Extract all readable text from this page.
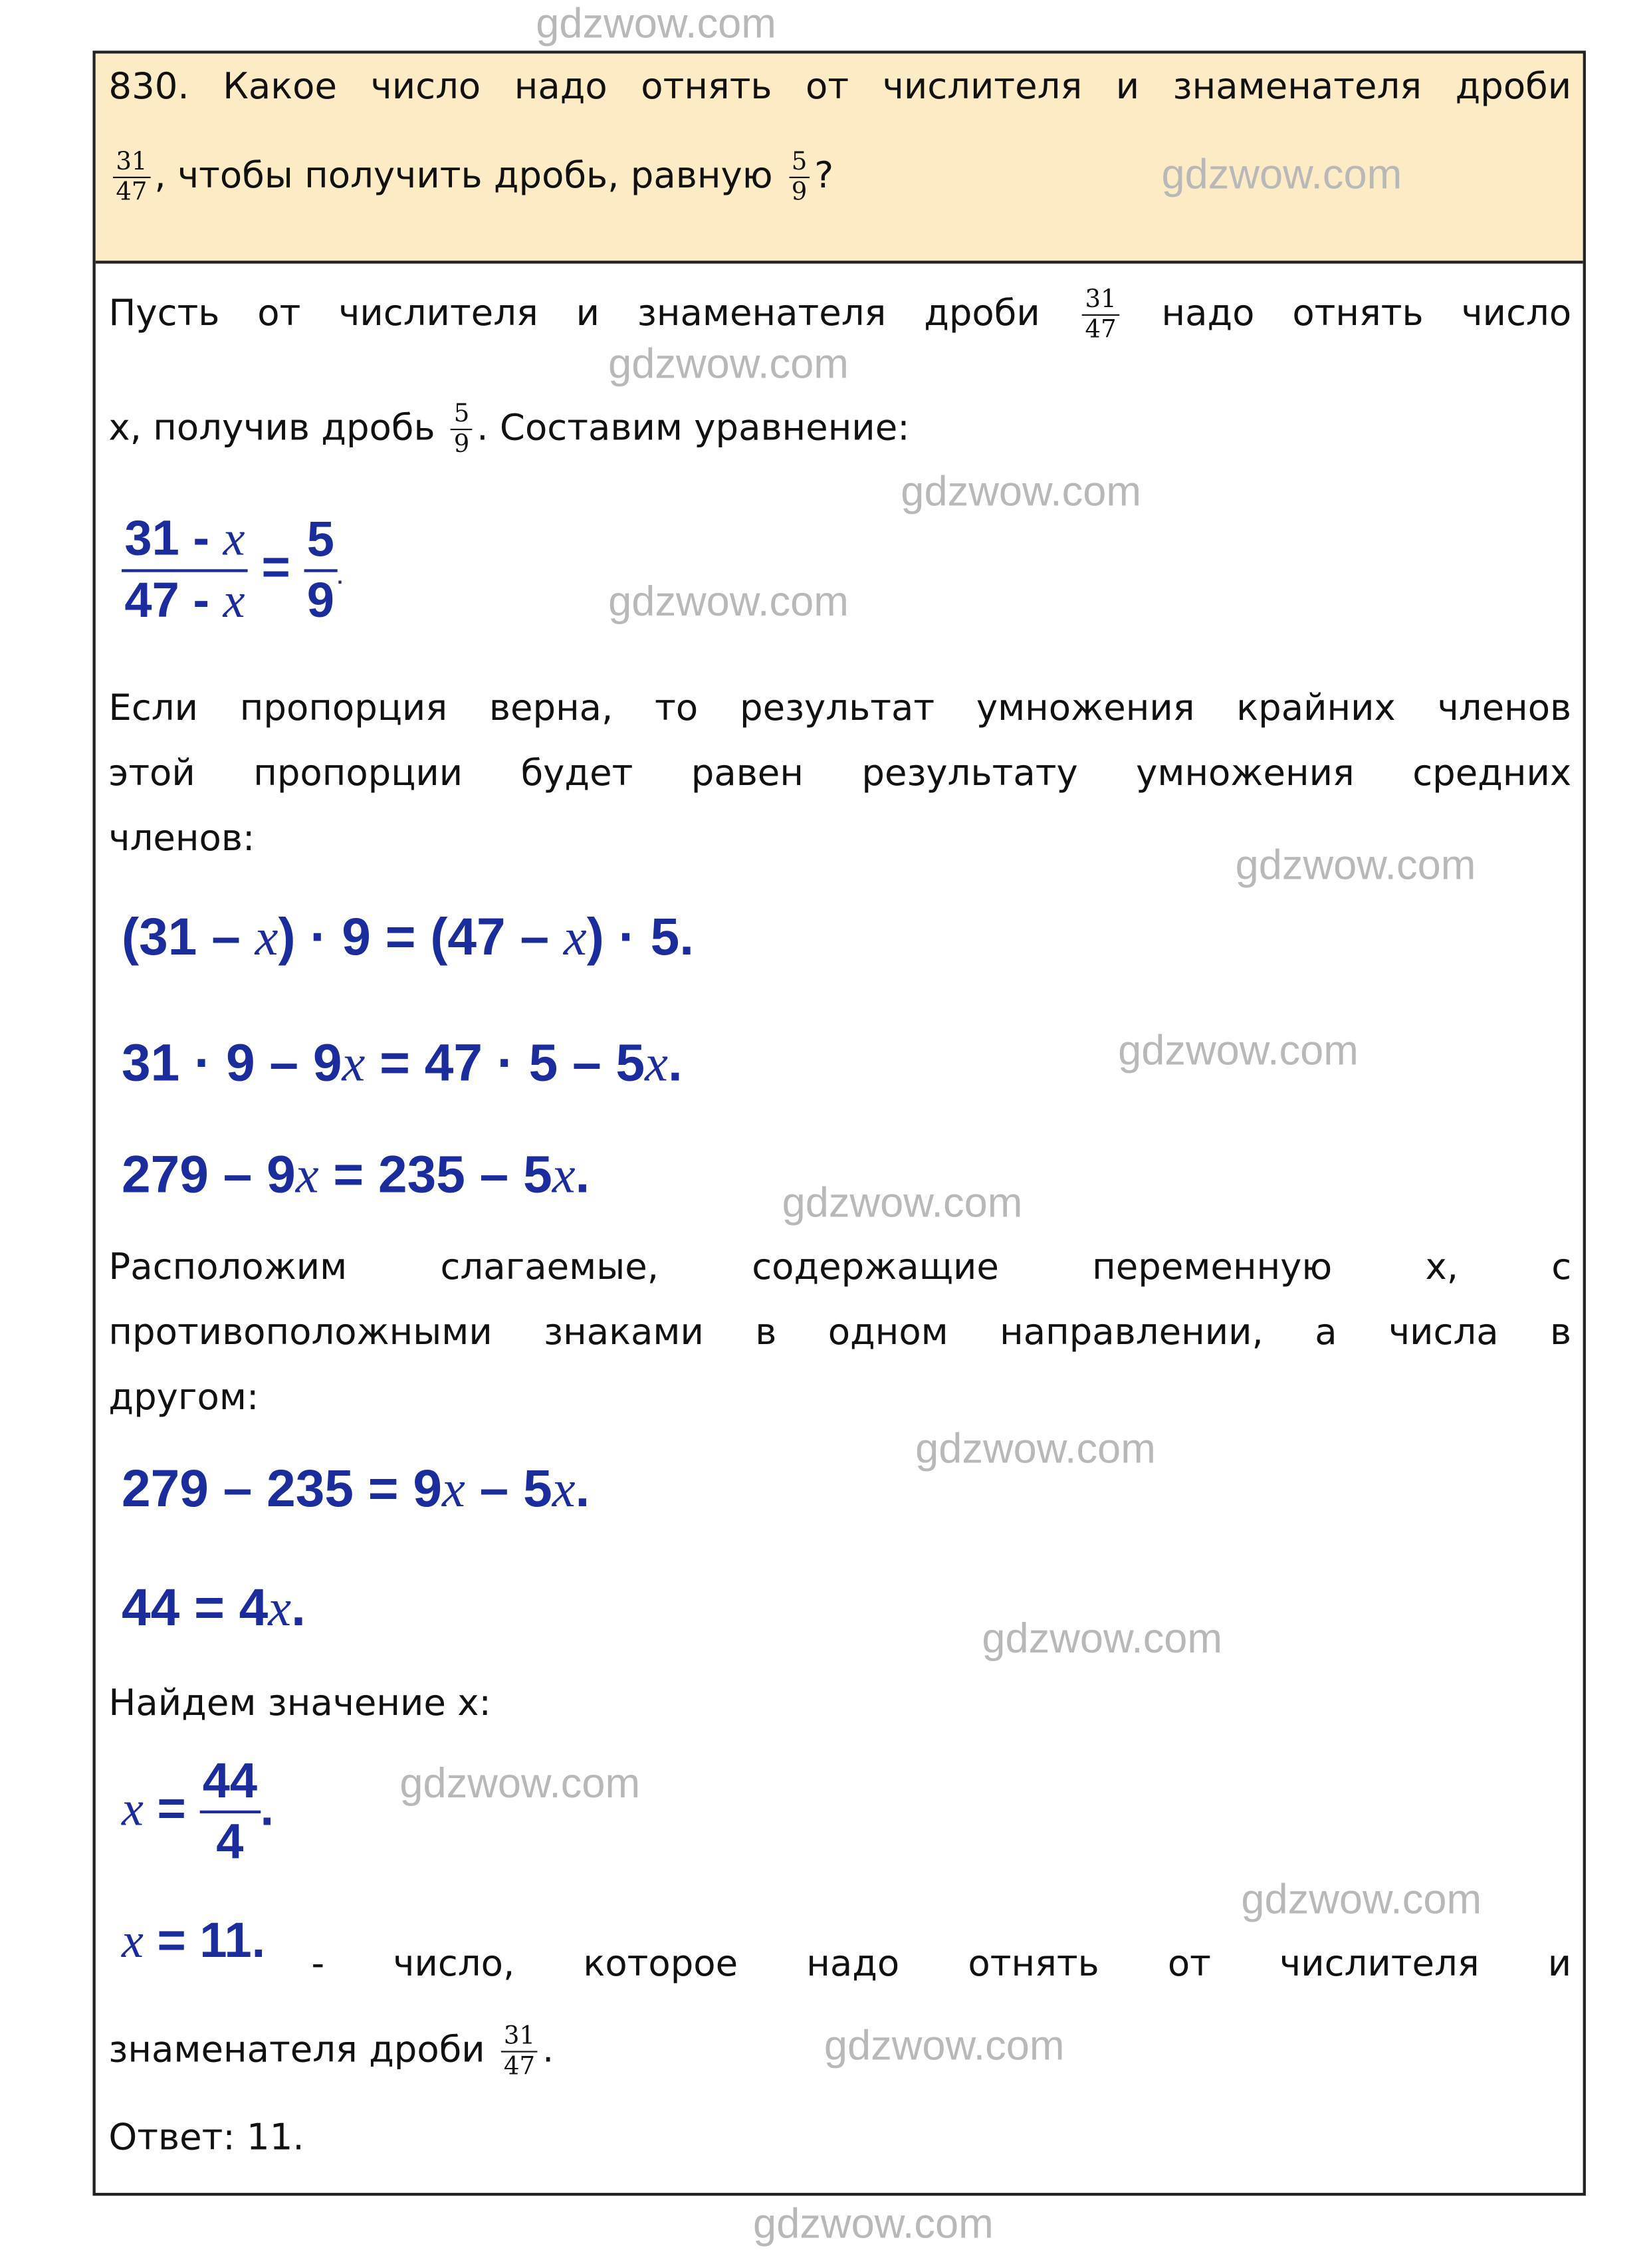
830. Какое число надо отнять от числителя и знаменателя дроби
$\frac{31}{47}$ , чтобы получить дробь, равную $\frac{5}{9}$ ?
Пусть от числителя и знаменателя дроби	$\frac{31}{47}$	надо отнять число
x, получив дробь $\frac{5}{9}$ . Составим уравнение:
$\frac{31 - x}{47 - x} = \frac{5}{9}$ .
Если пропорция верна, то результат умножения крайних членов
этой пропорции будет равен результату умножения средних
членов:
(31 – x) · 9 = (47 – x) · 5.
31 · 9 – 9x = 47 · 5 – 5x.
279 – 9x = 235 – 5x.
Расположим слагаемые, содержащие переменную x, с
противоположными знаками в одном направлении, а числа в
другом:
279 – 235 = 9x – 5x.
44 = 4x.
Найдем значение x:
$x = \frac{44}{4}$ .
x = 11.	- число, которое надо отнять от числителя и
знаменателя дроби $\frac{31}{47}$ .
Ответ: 11.
gdzwow.com
gdzwow.com
gdzwow.com
gdzwow.com
gdzwow.com
gdzwow.com
gdzwow.com
gdzwow.com
gdzwow.com
gdzwow.com
gdzwow.com
gdzwow.com
gdzwow.com
gdzwow.com
